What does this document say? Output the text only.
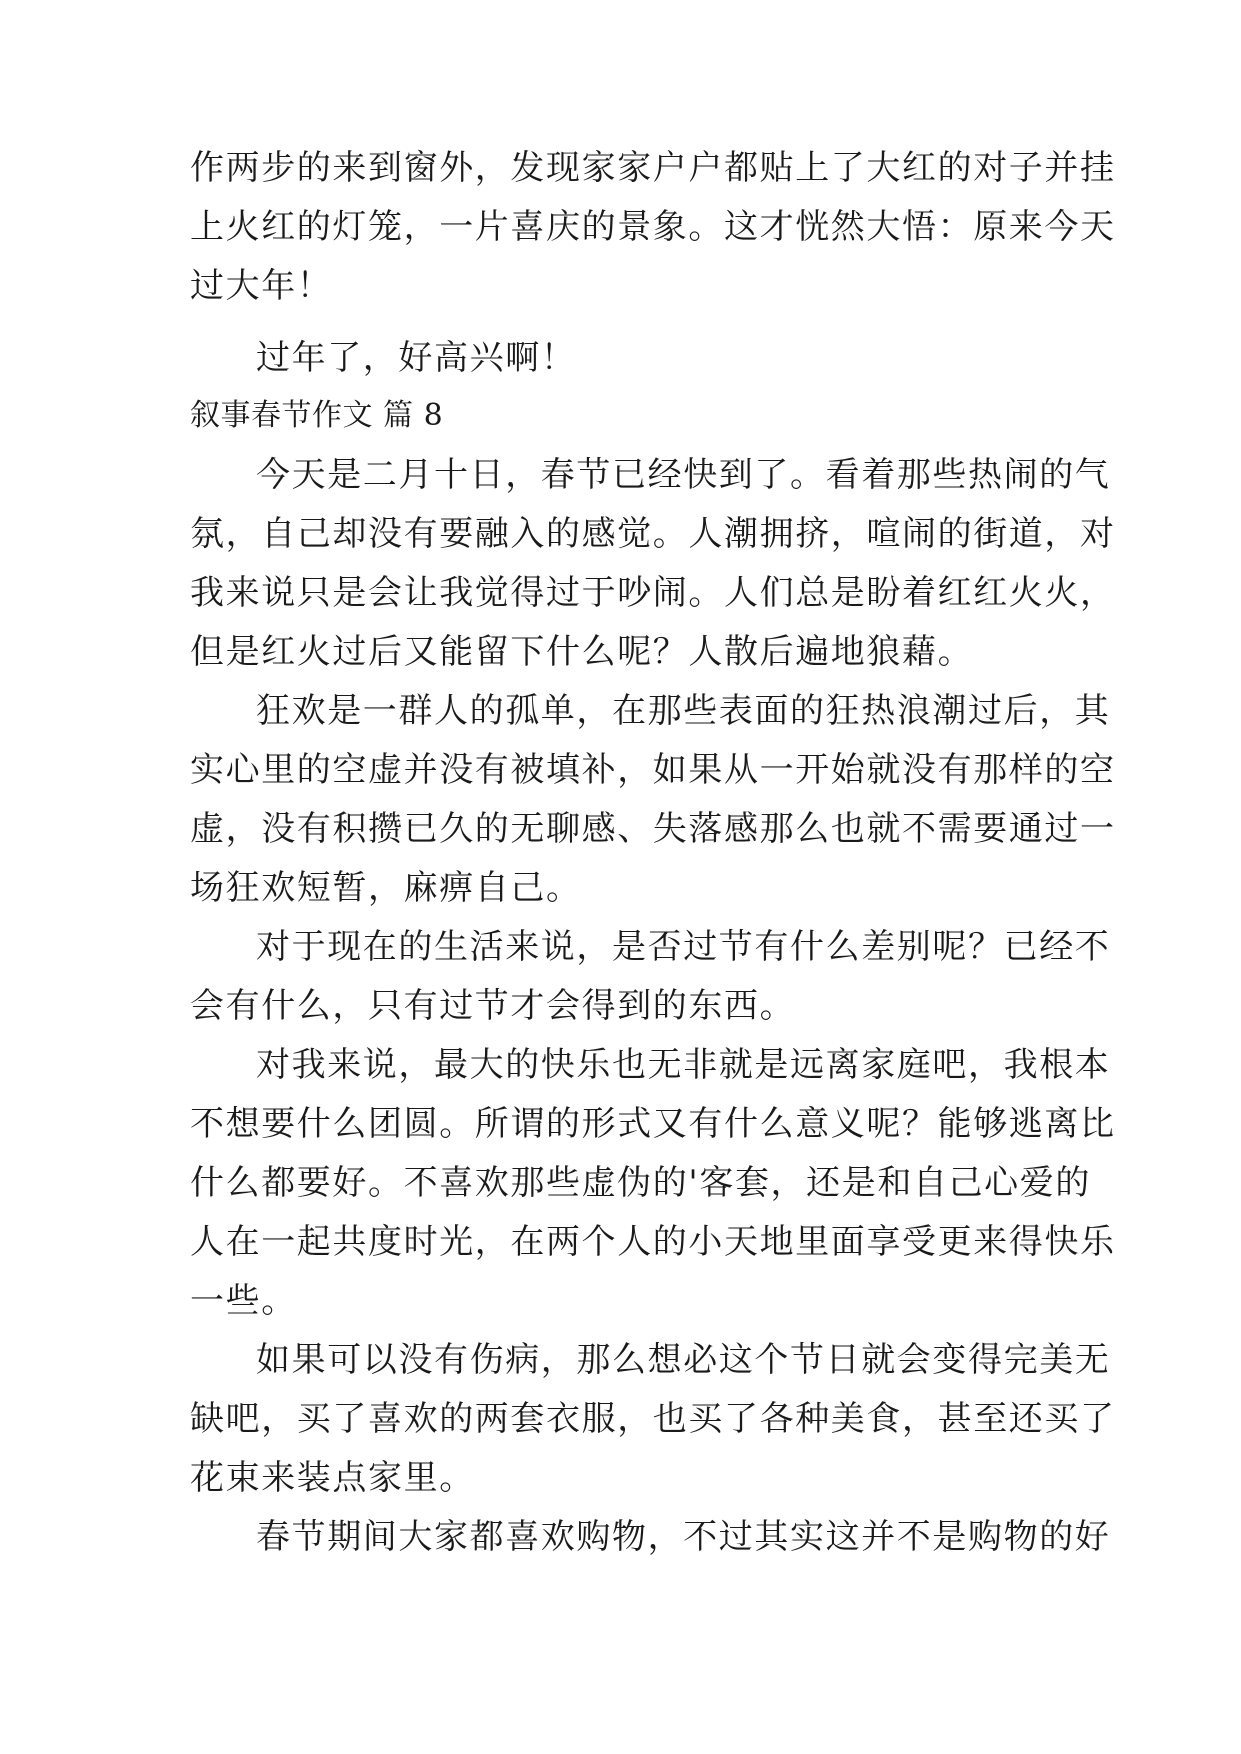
作两步的来到窗外，发现家家户户都贴上了大红的对子并挂
上火红的灯笼，一片喜庆的景象。这才恍然大悟：原来今天
过大年！
过年了，好高兴啊！
叙事春节作文 篇 8
今天是二月十日，春节已经快到了。看着那些热闹的气
氛，自己却没有要融入的感觉。人潮拥挤，喧闹的街道，对
我来说只是会让我觉得过于吵闹。人们总是盼着红红火火，
但是红火过后又能留下什么呢？人散后遍地狼藉。
狂欢是一群人的孤单，在那些表面的狂热浪潮过后，其
实心里的空虚并没有被填补，如果从一开始就没有那样的空
虚，没有积攒已久的无聊感、失落感那么也就不需要通过一
场狂欢短暂，麻痹自己。
对于现在的生活来说，是否过节有什么差别呢？已经不
会有什么，只有过节才会得到的东西。
对我来说，最大的快乐也无非就是远离家庭吧，我根本
不想要什么团圆。所谓的形式又有什么意义呢？能够逃离比
什么都要好。不喜欢那些虚伪的'客套，还是和自己心爱的
人在一起共度时光，在两个人的小天地里面享受更来得快乐
一些。
如果可以没有伤病，那么想必这个节日就会变得完美无
缺吧，买了喜欢的两套衣服，也买了各种美食，甚至还买了
花束来装点家里。
春节期间大家都喜欢购物，不过其实这并不是购物的好
